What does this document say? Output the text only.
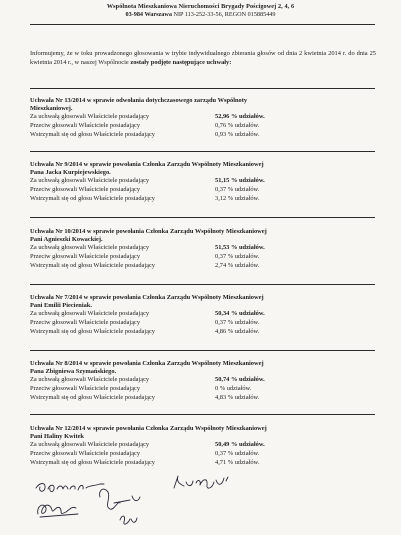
Wspólnota Mieszkaniowa Nieruchomości Brygady Pościgowej 2, 4, 6
03-984 Warszawa NIP 113-252-33-56, REGON 015885449
Informujemy, że w toku prowadzonego głosowania w trybie indywidualnego zbierania głosów od dnia 2 kwietnia 2014 r. do dnia 25 kwietnia 2014 r., w naszej Wspólnocie zostały podjęte następujące uchwały:
Uchwała Nr 13/2014 w sprawie odwołania dotychczasowego zarządu Wspólnoty
Mieszkaniowej.
Za uchwałą głosowali Właściciele posiadający	52,96 % udziałów.
Przeciw głosowali Właściciele posiadający	0,76 % udziałów.
Wstrzymali się od głosu Właściciele posiadający	0,93 % udziałów.
Uchwała Nr 9/2014 w sprawie powołania Członka Zarządu Wspólnoty Mieszkaniowej
Pana Jacka Kurpiejewskiego.
Za uchwałą głosowali Właściciele posiadający	51,15 % udziałów.
Przeciw głosowali Właściciele posiadający	0,37 % udziałów.
Wstrzymali się od głosu Właściciele posiadający	3,12 % udziałów.
Uchwała Nr 10/2014 w sprawie powołania Członka Zarządu Wspólnoty Mieszkaniowej
Pani Agnieszki Kowackiej.
Za uchwałą głosowali Właściciele posiadający	51,53 % udziałów.
Przeciw głosowali Właściciele posiadający	0,37 % udziałów.
Wstrzymali się od głosu Właściciele posiadający	2,74 % udziałów.
Uchwała Nr 7/2014 w sprawie powołania Członka Zarządu Wspólnoty Mieszkaniowej
Pani Emilii Piecieniak.
Za uchwałą głosowali Właściciele posiadający	50,34 % udziałów.
Przeciw głosowali Właściciele posiadający	0,37 % udziałów.
Wstrzymali się od głosu Właściciele posiadający	4,86 % udziałów.
Uchwała Nr 8/2014 w sprawie powołania Członka Zarządu Wspólnoty Mieszkaniowej
Pana Zbigniewa Szymańskiego.
Za uchwałą głosowali Właściciele posiadający	50,74 % udziałów.
Przeciw głosowali Właściciele posiadający	0 % udziałów.
Wstrzymali się od głosu Właściciele posiadający	4,83 % udziałów.
Uchwała Nr 12/2014 w sprawie powołania Członka Zarządu Wspólnoty Mieszkaniowej
Pani Haliny Kwitek
Za uchwałą głosowali Właściciele posiadający	50,49 % udziałów.
Przeciw głosowali Właściciele posiadający	0,37 % udziałów.
Wstrzymali się od głosu Właściciele posiadający	4,71 % udziałów.
